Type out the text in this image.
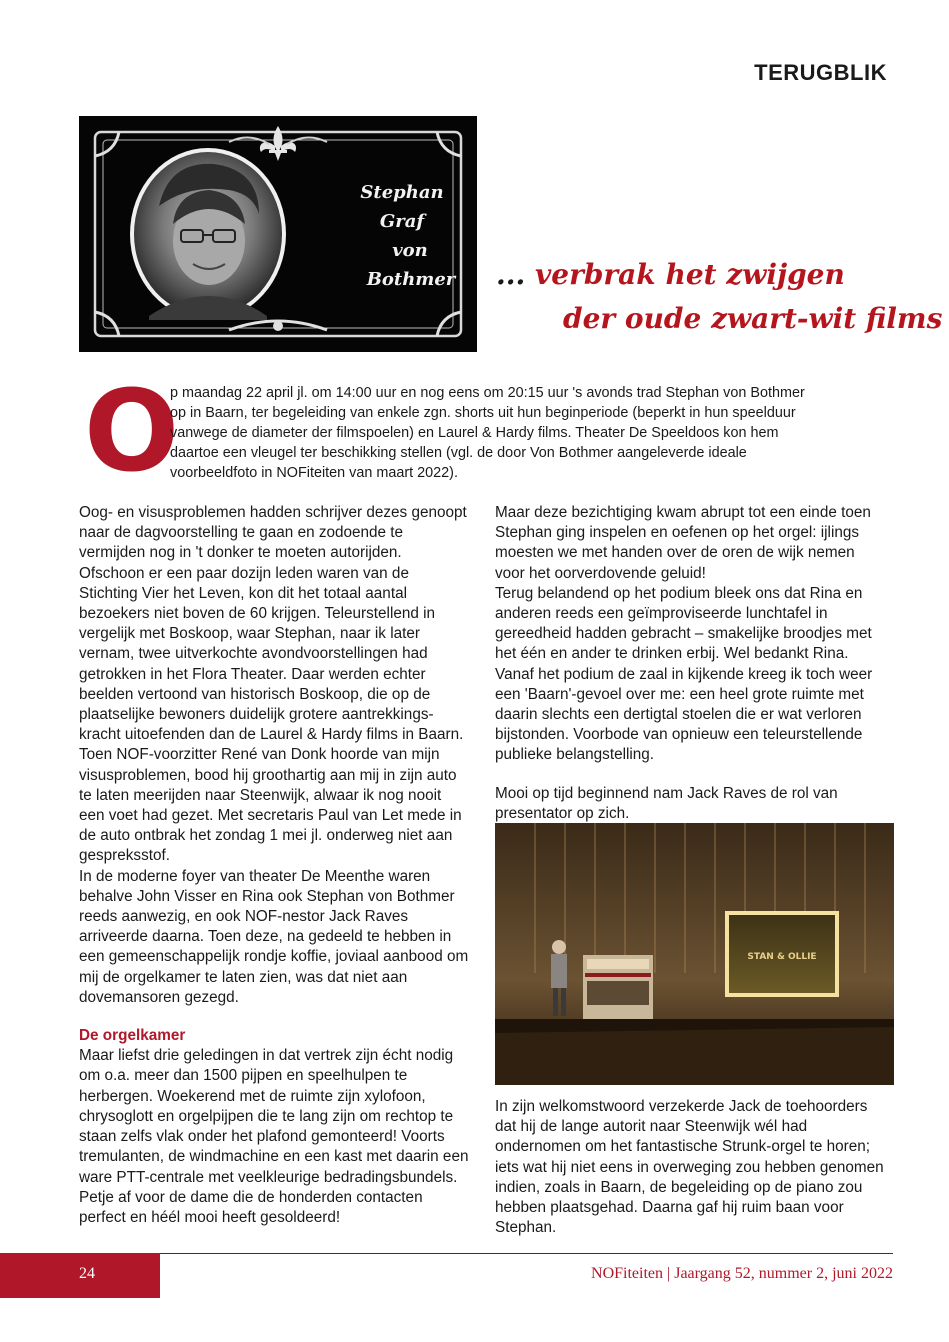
TERUGBLIK
Stephan
Graf
von
Bothmer ... verbrak het zwijgen
der oude zwart-wit films
O
p maandag 22 april jl. om 14:00 uur en nog eens om 20:15 uur 's avonds trad Stephan von Bothmer
op in Baarn, ter begeleiding van enkele zgn. shorts uit hun beginperiode (beperkt in hun speelduur
vanwege de diameter der filmspoelen) en Laurel & Hardy films. Theater De Speeldoos kon hem
daartoe een vleugel ter beschikking stellen (vgl. de door Von Bothmer aangeleverde ideale
voorbeeldfoto in NOFiteiten van maart 2022).
Oog- en visusproblemen hadden schrijver dezes genoopt
naar de dagvoorstelling te gaan en zodoende te
vermijden nog in 't donker te moeten autorijden.
Ofschoon er een paar dozijn leden waren van de
Stichting Vier het Leven, kon dit het totaal aantal
bezoekers niet boven de 60 krijgen. Teleurstellend in
vergelijk met Boskoop, waar Stephan, naar ik later
vernam, twee uitverkochte avondvoorstellingen had
getrokken in het Flora Theater. Daar werden echter
beelden vertoond van historisch Boskoop, die op de
plaatselijke bewoners duidelijk grotere aantrekkings-
kracht uitoefenden dan de Laurel & Hardy films in Baarn.
Toen NOF-voorzitter René van Donk hoorde van mijn
visusproblemen, bood hij groothartig aan mij in zijn auto
te laten meerijden naar Steenwijk, alwaar ik nog nooit
een voet had gezet. Met secretaris Paul van Let mede in
de auto ontbrak het zondag 1 mei jl. onderweg niet aan
gespreksstof.
In de moderne foyer van theater De Meenthe waren
behalve John Visser en Rina ook Stephan von Bothmer
reeds aanwezig, en ook NOF-nestor Jack Raves
arriveerde daarna. Toen deze, na gedeeld te hebben in
een gemeenschappelijk rondje koffie, joviaal aanbood om
mij de orgelkamer te laten zien, was dat niet aan
dovemansoren gezegd.
De orgelkamer
Maar liefst drie geledingen in dat vertrek zijn écht nodig
om o.a. meer dan 1500 pijpen en speelhulpen te
herbergen. Woekerend met de ruimte zijn xylofoon,
chrysoglott en orgelpijpen die te lang zijn om rechtop te
staan zelfs vlak onder het plafond gemonteerd! Voorts
tremulanten, de windmachine en een kast met daarin een
ware PTT-centrale met veelkleurige bedradingsbundels.
Petje af voor de dame die de honderden contacten
perfect en héél mooi heeft gesoldeerd!
Maar deze bezichtiging kwam abrupt tot een einde toen
Stephan ging inspelen en oefenen op het orgel: ijlings
moesten we met handen over de oren de wijk nemen
voor het oorverdovende geluid!
Terug belandend op het podium bleek ons dat Rina en
anderen reeds een geïmproviseerde lunchtafel in
gereedheid hadden gebracht – smakelijke broodjes met
het één en ander te drinken erbij. Wel bedankt Rina.
Vanaf het podium de zaal in kijkende kreeg ik toch weer
een 'Baarn'-gevoel over me: een heel grote ruimte met
daarin slechts een dertigtal stoelen die er wat verloren
bijstonden. Voorbode van opnieuw een teleurstellende
publieke belangstelling.
Mooi op tijd beginnend nam Jack Raves de rol van
presentator op zich.
STAN & OLLIE
In zijn welkomstwoord verzekerde Jack de toehoorders
dat hij de lange autorit naar Steenwijk wél had
ondernomen om het fantastische Strunk-orgel te horen;
iets wat hij niet eens in overweging zou hebben genomen
indien, zoals in Baarn, de begeleiding op de piano zou
hebben plaatsgehad. Daarna gaf hij ruim baan voor
Stephan.
24	NOFiteiten | Jaargang 52, nummer 2, juni 2022
